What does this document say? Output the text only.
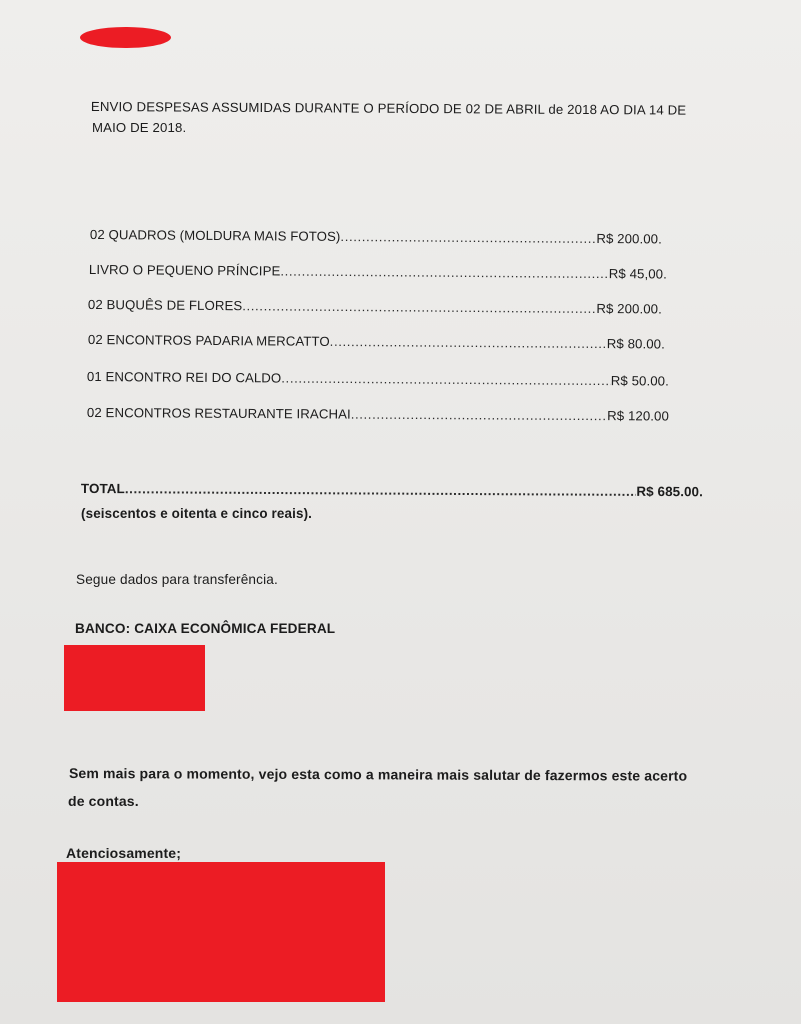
ENVIO DESPESAS ASSUMIDAS DURANTE O PERÍODO DE 02 DE ABRIL de 2018 AO DIA 14 DE
MAIO DE 2018.
02 QUADROS (MOLDURA MAIS FOTOS) .....	R$ 200.00.
LIVRO O PEQUENO PRÍNCIPE .....	R$ 45,00.
02 BUQUÊS DE FLORES .....	R$ 200.00.
02 ENCONTROS PADARIA MERCATTO .....	R$ 80.00.
01 ENCONTRO REI DO CALDO .....	R$ 50.00.
02 ENCONTROS RESTAURANTE IRACHAI .....	R$ 120.00
TOTAL .....	R$ 685.00.
(seiscentos e oitenta e cinco reais).
Segue dados para transferência.
BANCO: CAIXA ECONÔMICA FEDERAL
Sem mais para o momento, vejo esta como a maneira mais salutar de fazermos este acerto
de contas.
Atenciosamente;
